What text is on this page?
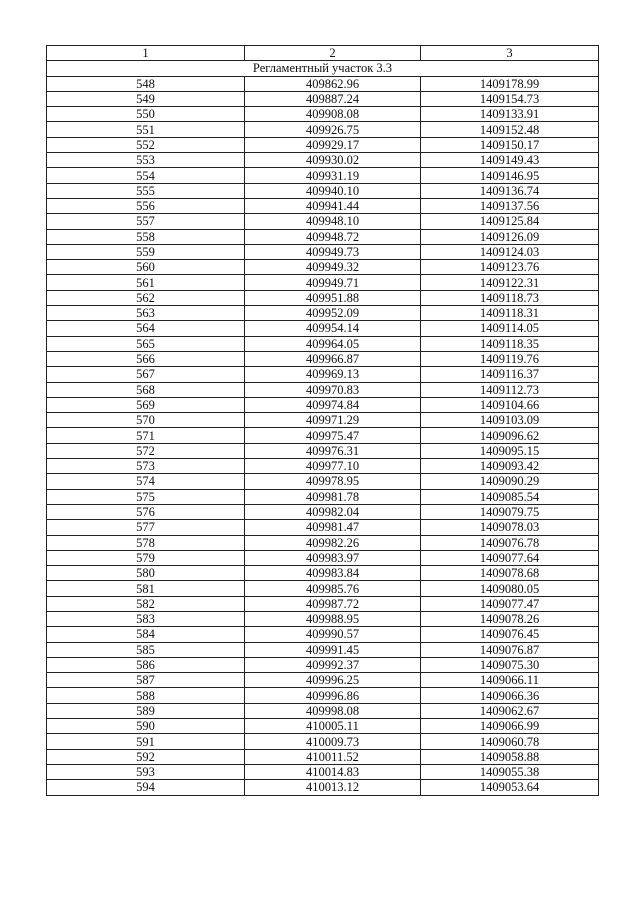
1	2	3
Регламентный участок 3.3		
548	409862.96	1409178.99
549	409887.24	1409154.73
550	409908.08	1409133.91
551	409926.75	1409152.48
552	409929.17	1409150.17
553	409930.02	1409149.43
554	409931.19	1409146.95
555	409940.10	1409136.74
556	409941.44	1409137.56
557	409948.10	1409125.84
558	409948.72	1409126.09
559	409949.73	1409124.03
560	409949.32	1409123.76
561	409949.71	1409122.31
562	409951.88	1409118.73
563	409952.09	1409118.31
564	409954.14	1409114.05
565	409964.05	1409118.35
566	409966.87	1409119.76
567	409969.13	1409116.37
568	409970.83	1409112.73
569	409974.84	1409104.66
570	409971.29	1409103.09
571	409975.47	1409096.62
572	409976.31	1409095.15
573	409977.10	1409093.42
574	409978.95	1409090.29
575	409981.78	1409085.54
576	409982.04	1409079.75
577	409981.47	1409078.03
578	409982.26	1409076.78
579	409983.97	1409077.64
580	409983.84	1409078.68
581	409985.76	1409080.05
582	409987.72	1409077.47
583	409988.95	1409078.26
584	409990.57	1409076.45
585	409991.45	1409076.87
586	409992.37	1409075.30
587	409996.25	1409066.11
588	409996.86	1409066.36
589	409998.08	1409062.67
590	410005.11	1409066.99
591	410009.73	1409060.78
592	410011.52	1409058.88
593	410014.83	1409055.38
594	410013.12	1409053.64
